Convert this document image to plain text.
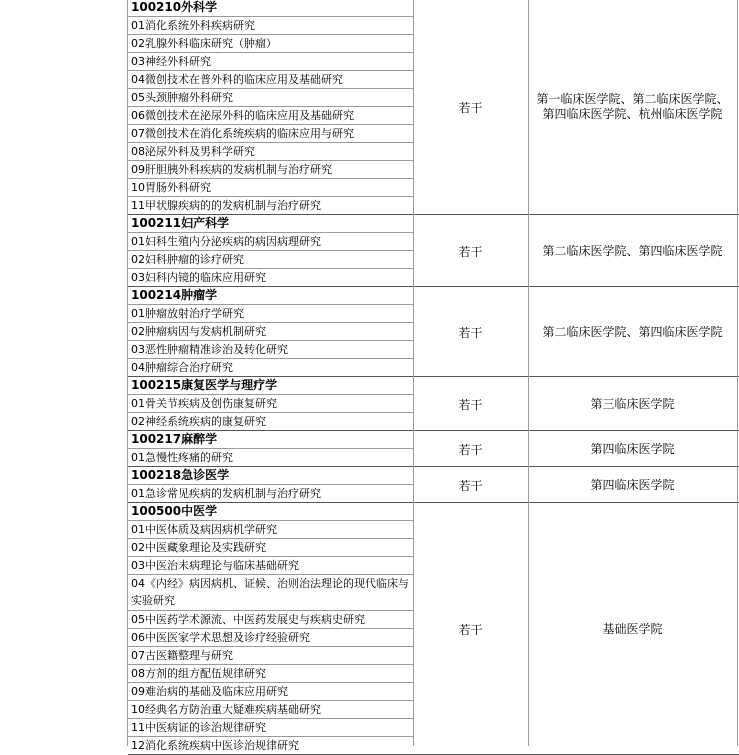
100210外科学
01消化系统外科疾病研究
02乳腺外科临床研究（肿瘤）
03神经外科研究
04微创技术在普外科的临床应用及基础研究
05头颈肿瘤外科研究
06微创技术在泌尿外科的临床应用及基础研究
07微创技术在消化系统疾病的临床应用与研究
08泌尿外科及男科学研究
09肝胆胰外科疾病的发病机制与治疗研究
10胃肠外科研究
11甲状腺疾病的的发病机制与治疗研究
若干
第一临床医学院、第二临床医学院、第四临床医学院、杭州临床医学院
100211妇产科学
01妇科生殖内分泌疾病的病因病理研究
02妇科肿瘤的诊疗研究
03妇科内镜的临床应用研究
若干	第二临床医学院、第四临床医学院
100214肿瘤学
01肿瘤放射治疗学研究
02肿瘤病因与发病机制研究
03恶性肿瘤精准诊治及转化研究
04肿瘤综合治疗研究
若干	第二临床医学院、第四临床医学院
100215康复医学与理疗学
01骨关节疾病及创伤康复研究
02神经系统疾病的康复研究
若干	第三临床医学院
100217麻醉学
01急慢性疼痛的研究
若干	第四临床医学院
100218急诊医学
01急诊常见疾病的发病机制与治疗研究
若干	第四临床医学院
100500中医学
01中医体质及病因病机学研究
02中医藏象理论及实践研究
03中医治未病理论与临床基础研究
04《内经》病因病机、证候、治则治法理论的现代临床与实验研究
05中医药学术源流、中医药发展史与疾病史研究
06中医医家学术思想及诊疗经验研究
07古医籍整理与研究
08方剂的组方配伍规律研究
09难治病的基础及临床应用研究
10经典名方防治重大疑难疾病基础研究
11中医病证的诊治规律研究
12消化系统疾病中医诊治规律研究
若干	基础医学院
